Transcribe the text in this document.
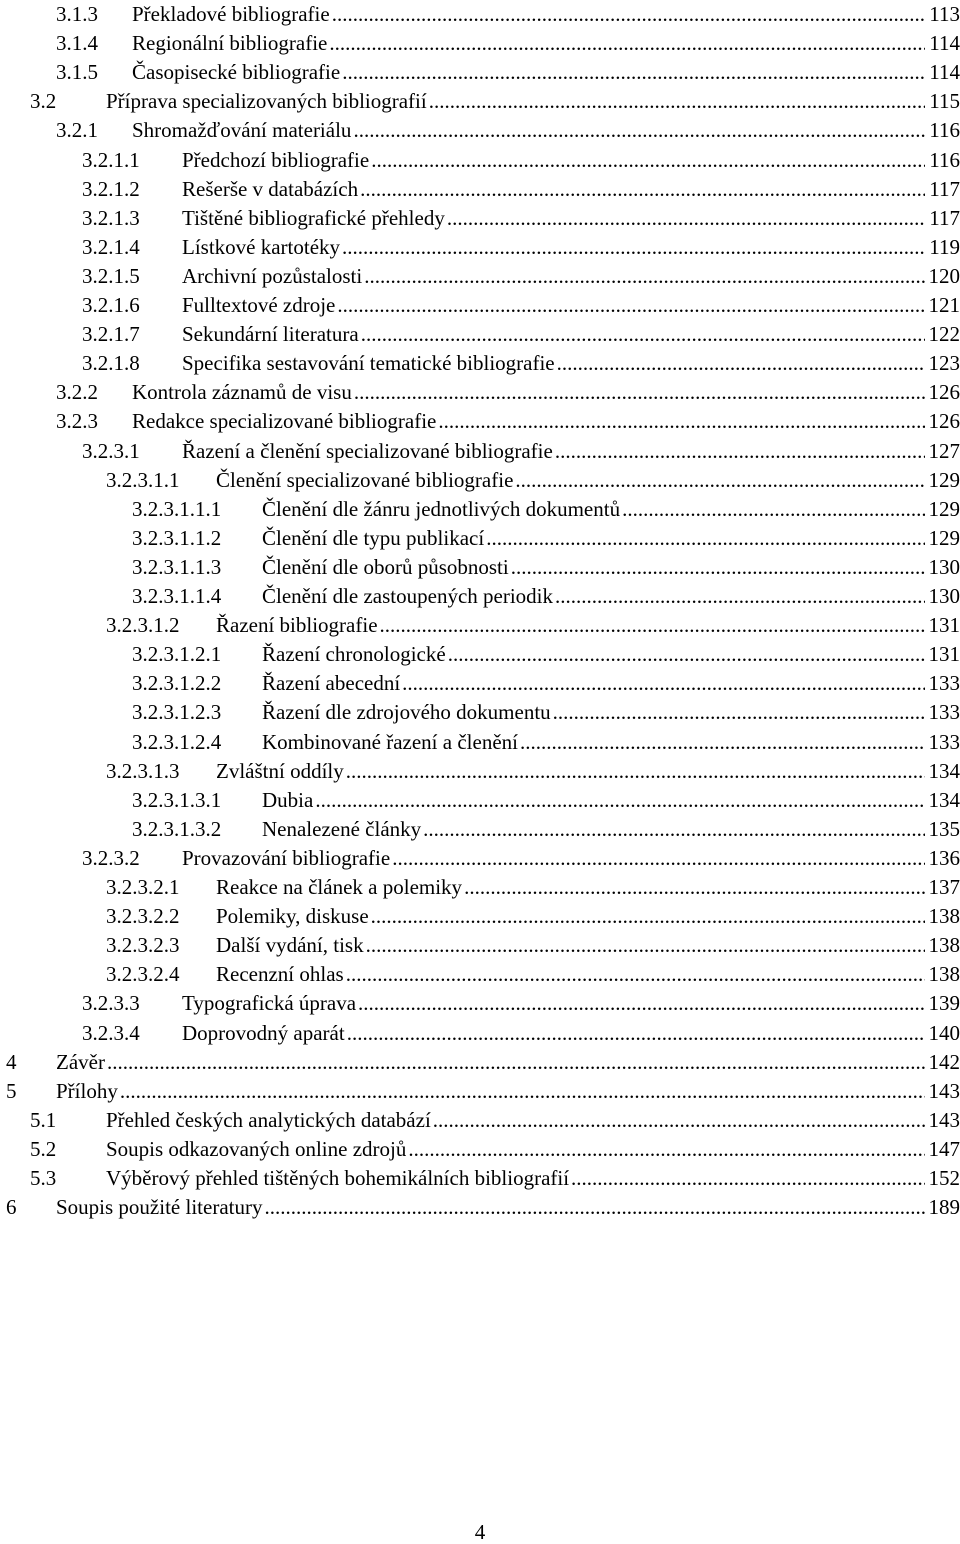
3.1.3 Překladové bibliografie .....	113
3.1.4 Regionální bibliografie .....	114
3.1.5 Časopisecké bibliografie .....	114
3.2 Příprava specializovaných bibliografií .....	115
3.2.1 Shromažďování materiálu .....	116
3.2.1.1 Předchozí bibliografie .....	116
3.2.1.2 Rešerše v databázích .....	117
3.2.1.3 Tištěné bibliografické přehledy .....	117
3.2.1.4 Lístkové kartotéky .....	119
3.2.1.5 Archivní pozůstalosti .....	120
3.2.1.6 Fulltextové zdroje .....	121
3.2.1.7 Sekundární literatura .....	122
3.2.1.8 Specifika sestavování tematické bibliografie .....	123
3.2.2 Kontrola záznamů de visu .....	126
3.2.3 Redakce specializované bibliografie .....	126
3.2.3.1 Řazení a členění specializované bibliografie .....	127
3.2.3.1.1 Členění specializované bibliografie .....	129
3.2.3.1.1.1 Členění dle žánru jednotlivých dokumentů .....	129
3.2.3.1.1.2 Členění dle typu publikací .....	129
3.2.3.1.1.3 Členění dle oborů působnosti .....	130
3.2.3.1.1.4 Členění dle zastoupených periodik .....	130
3.2.3.1.2 Řazení bibliografie .....	131
3.2.3.1.2.1 Řazení chronologické .....	131
3.2.3.1.2.2 Řazení abecední .....	133
3.2.3.1.2.3 Řazení dle zdrojového dokumentu .....	133
3.2.3.1.2.4 Kombinované řazení a členění .....	133
3.2.3.1.3 Zvláštní oddíly .....	134
3.2.3.1.3.1 Dubia .....	134
3.2.3.1.3.2 Nenalezené články .....	135
3.2.3.2 Provazování bibliografie .....	136
3.2.3.2.1 Reakce na článek a polemiky .....	137
3.2.3.2.2 Polemiky, diskuse .....	138
3.2.3.2.3 Další vydání, tisk .....	138
3.2.3.2.4 Recenzní ohlas .....	138
3.2.3.3 Typografická úprava .....	139
3.2.3.4 Doprovodný aparát .....	140
4 Závěr .....	142
5 Přílohy .....	143
5.1 Přehled českých analytických databází .....	143
5.2 Soupis odkazovaných online zdrojů .....	147
5.3 Výběrový přehled tištěných bohemikálních bibliografií .....	152
6 Soupis použité literatury .....	189
4
